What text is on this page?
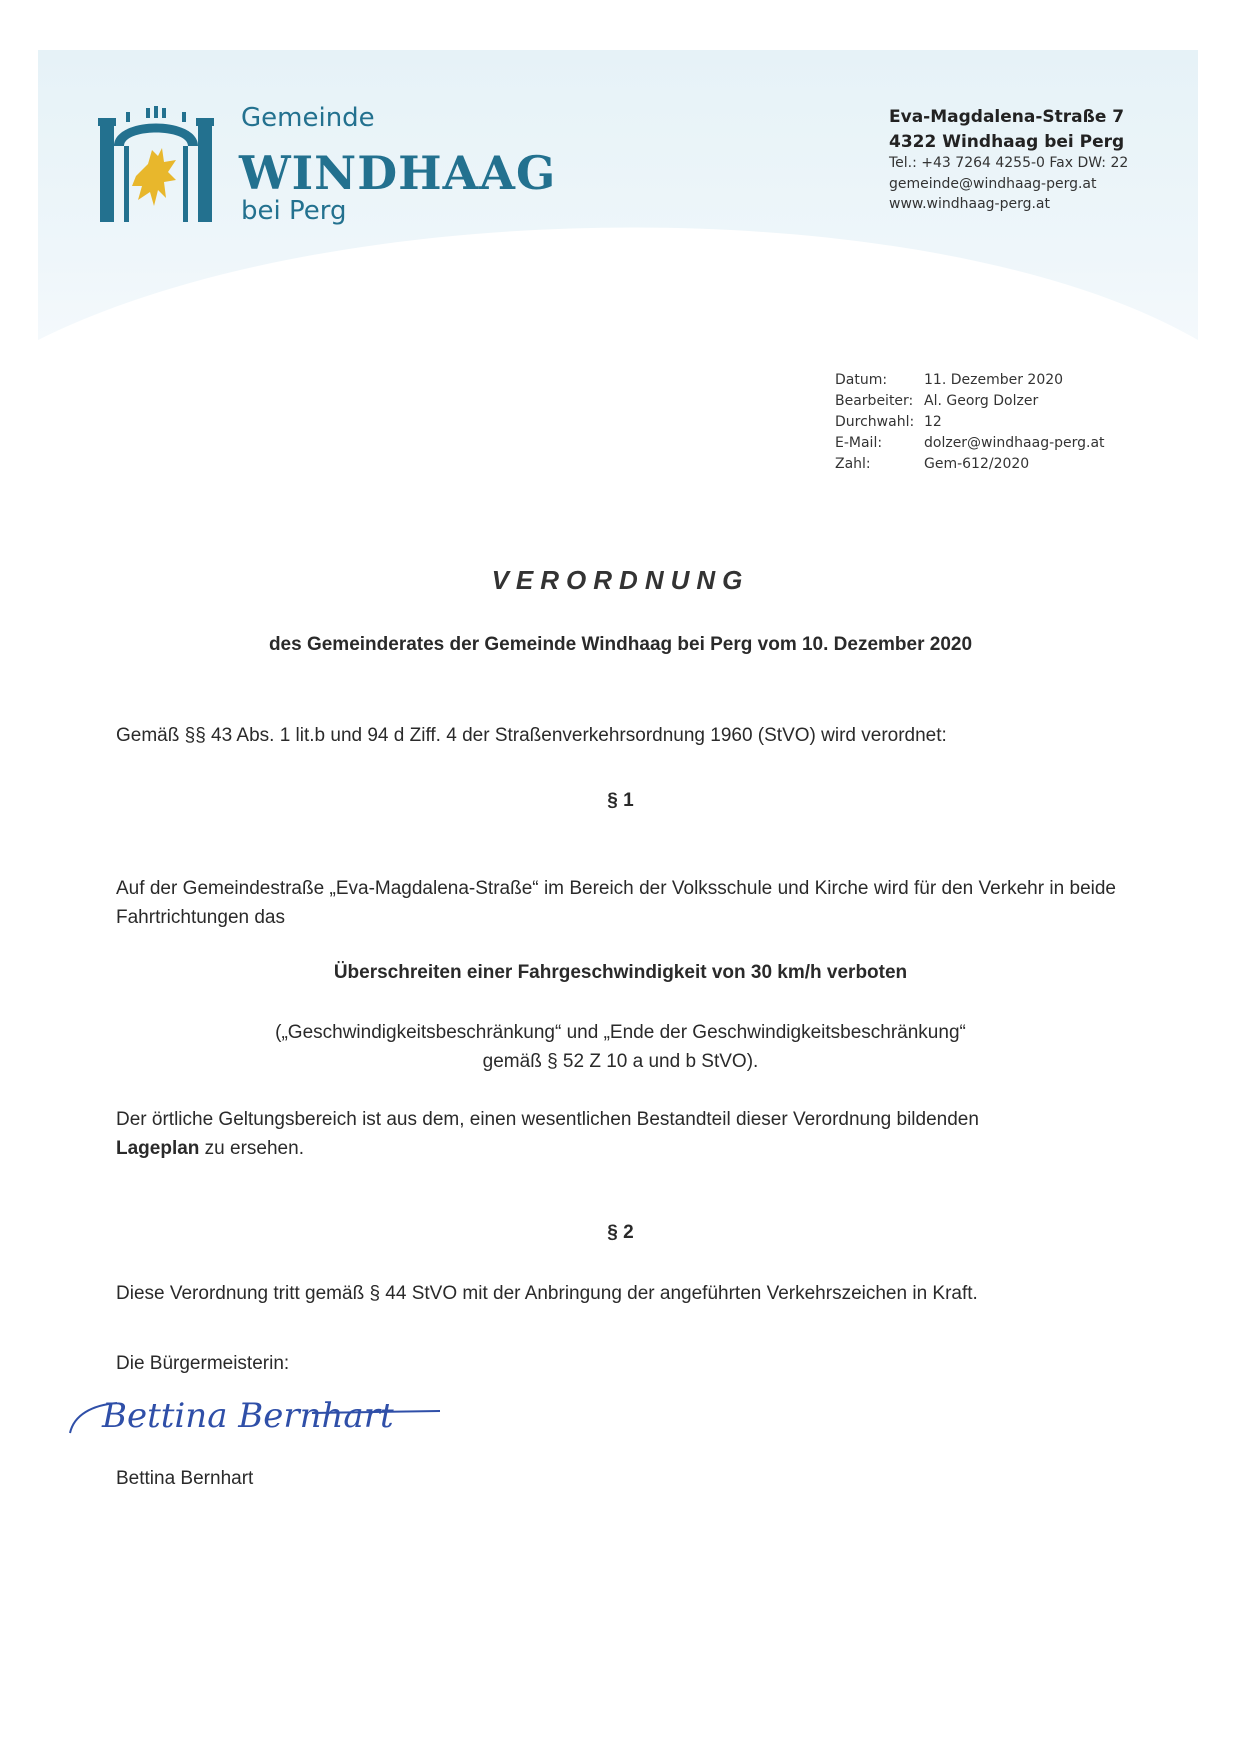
Gemeinde
WINDHAAG
bei Perg
Eva-Magdalena-Straße 7
4322 Windhaag bei Perg
Tel.: +43 7264 4255-0 Fax DW: 22
gemeinde@windhaag-perg.at
www.windhaag-perg.at
Datum:	11. Dezember 2020
Bearbeiter: Al. Georg Dolzer
Durchwahl: 12
E-Mail:	dolzer@windhaag-perg.at
Zahl:	Gem-612/2020
VERORDNUNG
des Gemeinderates der Gemeinde Windhaag bei Perg vom 10. Dezember 2020
Gemäß §§ 43 Abs. 1 lit.b und 94 d Ziff. 4 der Straßenverkehrsordnung 1960 (StVO) wird verordnet:
§ 1
Auf der Gemeindestraße „Eva-Magdalena-Straße“ im Bereich der Volksschule und Kirche wird für den Verkehr in beide Fahrtrichtungen das
Überschreiten einer Fahrgeschwindigkeit von 30 km/h verboten
(„Geschwindigkeitsbeschränkung“ und „Ende der Geschwindigkeitsbeschränkung“
gemäß § 52 Z 10 a und b StVO).
Der örtliche Geltungsbereich ist aus dem, einen wesentlichen Bestandteil dieser Verordnung bildenden
Lageplan zu ersehen.
§ 2
Diese Verordnung tritt gemäß § 44 StVO mit der Anbringung der angeführten Verkehrszeichen in Kraft.
Die Bürgermeisterin:
Bettina Bernhart
Bettina Bernhart
